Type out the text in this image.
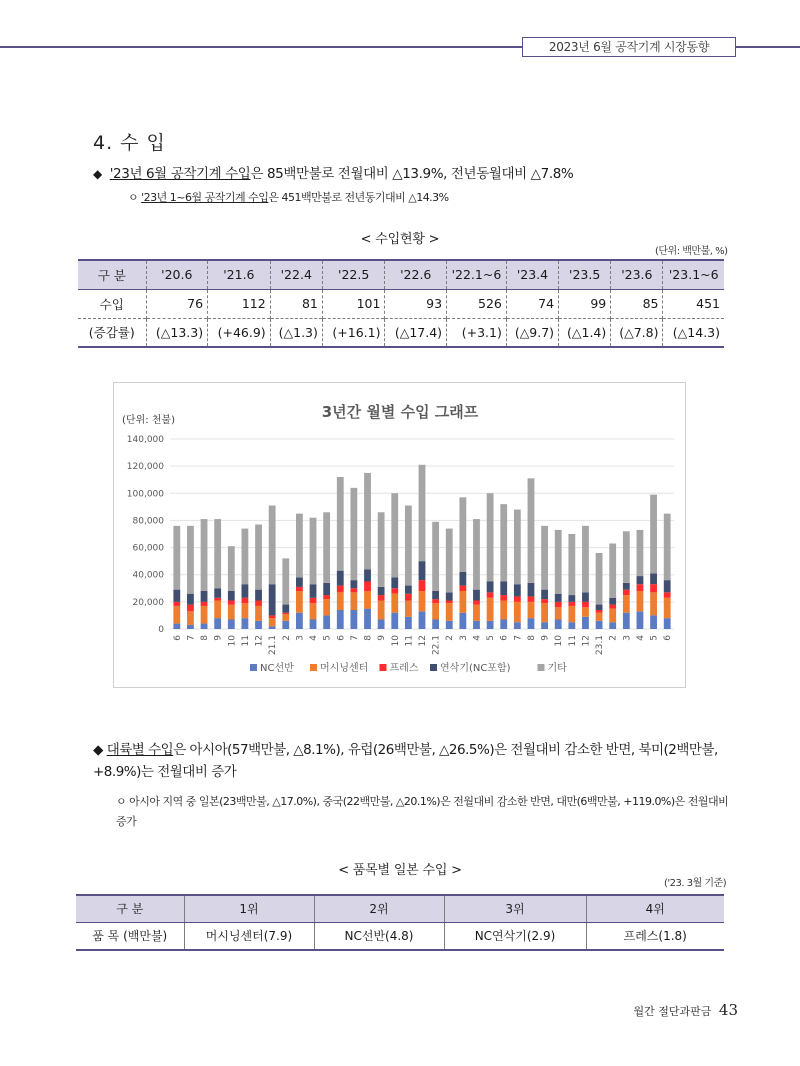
2023년 6월 공작기계 시장동향
4. 수 입
◆ '23년 6월 공작기계 수입은 85백만불로 전월대비 △13.9%, 전년동월대비 △7.8%
ㅇ '23년 1~6월 공작기계 수입은 451백만불로 전년동기대비 △14.3%
< 수입현황 >
(단위: 백만불, %)
구 분	'20.6	'21.6	'22.4	'22.5	'22.6	'22.1~6	'23.4	'23.5	'23.6	'23.1~6
수입	76	112	81	101	93	526	74	99	85	451
(증감률)	(△13.3)	(+46.9)	(△1.3)	(+16.1)	(△17.4)	(+3.1)	(△9.7)	(△1.4)	(△7.8)	(△14.3)
3년간 월별 수입 그래프
(단위: 천불)
0
20,000
40,000
60,000
80,000
100,000
120,000
140,000
6 7 8 9 10 11 12 21.1 2 3 4 5 6 7 8 9 10 11 12 22.1 2 3 4 5 6 7 8 9 10 11 12 23.1 2 3 4 5 6
NC선반	머시닝센터 프레스 연삭기(NC포함)	기타
◆ 대륙별 수입은 아시아(57백만불, △8.1%), 유럽(26백만불, △26.5%)은 전월대비 감소한 반면, 북미(2백만불, +8.9%)는 전월대비 증가
ㅇ 아시아 지역 중 일본(23백만불, △17.0%), 중국(22백만불, △20.1%)은 전월대비 감소한 반면, 대만(6백만불, +119.0%)은 전월대비 증가
< 품목별 일본 수입 >
('23. 3월 기준)
구 분	1위	2위	3위	4위
품 목 (백만불)	머시닝센터(7.9)	NC선반(4.8)	NC연삭기(2.9)	프레스(1.8)
월간 절단과판금 43
